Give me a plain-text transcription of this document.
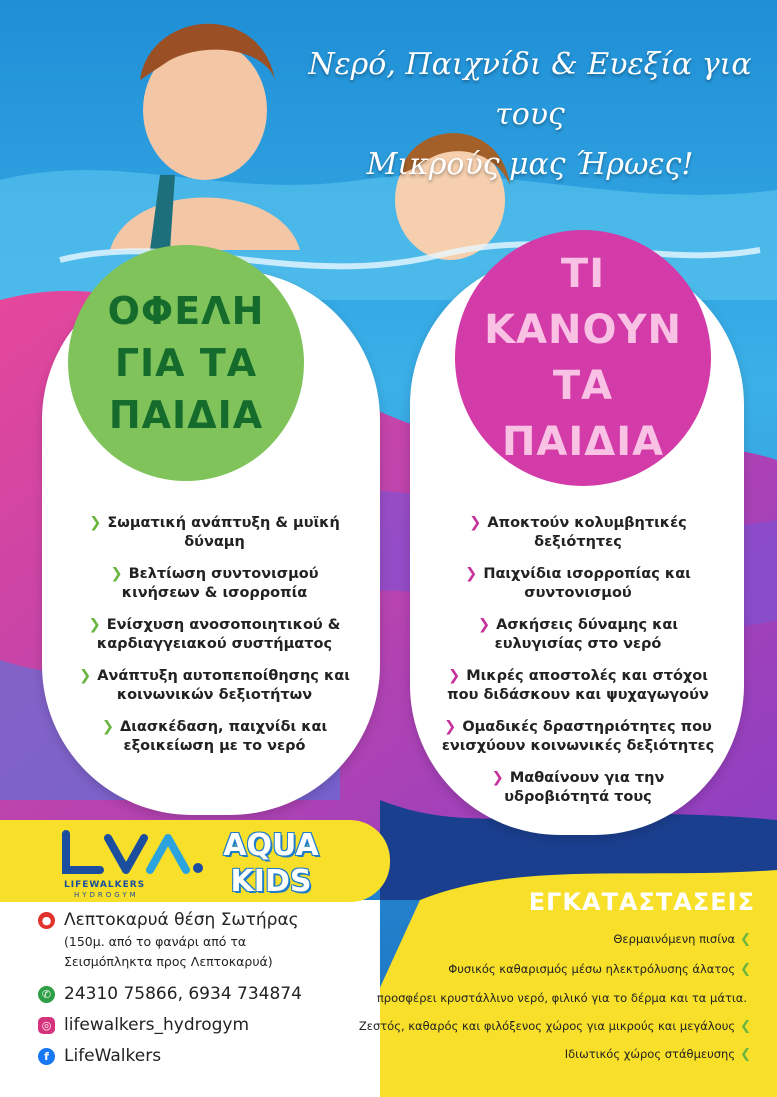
Νερό, Παιχνίδι & Ευεξία για τους
Μικρούς μας Ήρωες!
ΟΦΕΛΗ
ΓΙΑ ΤΑ
ΠΑΙΔΙΑ
❯ Σωματική ανάπτυξη & μυϊκή
δύναμη
❯ Βελτίωση συντονισμού
κινήσεων & ισορροπία
❯ Ενίσχυση ανοσοποιητικού &
καρδιαγγειακού συστήματος
❯ Ανάπτυξη αυτοπεποίθησης και
κοινωνικών δεξιοτήτων
❯ Διασκέδαση, παιχνίδι και
εξοικείωση με το νερό
ΤΙ
ΚΑΝΟΥΝ
ΤΑ
ΠΑΙΔΙΑ
❯ Αποκτούν κολυμβητικές
δεξιότητες
❯ Παιχνίδια ισορροπίας και
συντονισμού
❯ Ασκήσεις δύναμης και
ευλυγισίας στο νερό
❯ Μικρές αποστολές και στόχοι
που διδάσκουν και ψυχαγωγούν
❯ Ομαδικές δραστηριότητες που
ενισχύουν κοινωνικές δεξιότητες
❯ Μαθαίνουν για την
υδροβιότητά τους
LIFEWALKERS
HYDROGYM
AQUA
KIDS
● Λεπτοκαρυά θέση Σωτήρας
(150μ. από το φανάρι από τα
Σεισμόπληκτα προς Λεπτοκαρυά)
✆ 24310 75866, 6934 734874
◎ lifewalkers_hydrogym
f LifeWalkers
ΕΓΚΑΤΑΣΤΑΣΕΙΣ
Θερμαινόμενη πισίνα ❮
Φυσικός καθαρισμός μέσω ηλεκτρόλυσης άλατος ❮
προσφέρει κρυστάλλινο νερό, φιλικό για το δέρμα και τα μάτια.
Ζεστός, καθαρός και φιλόξενος χώρος για μικρούς και μεγάλους ❮
Ιδιωτικός χώρος στάθμευσης ❮
